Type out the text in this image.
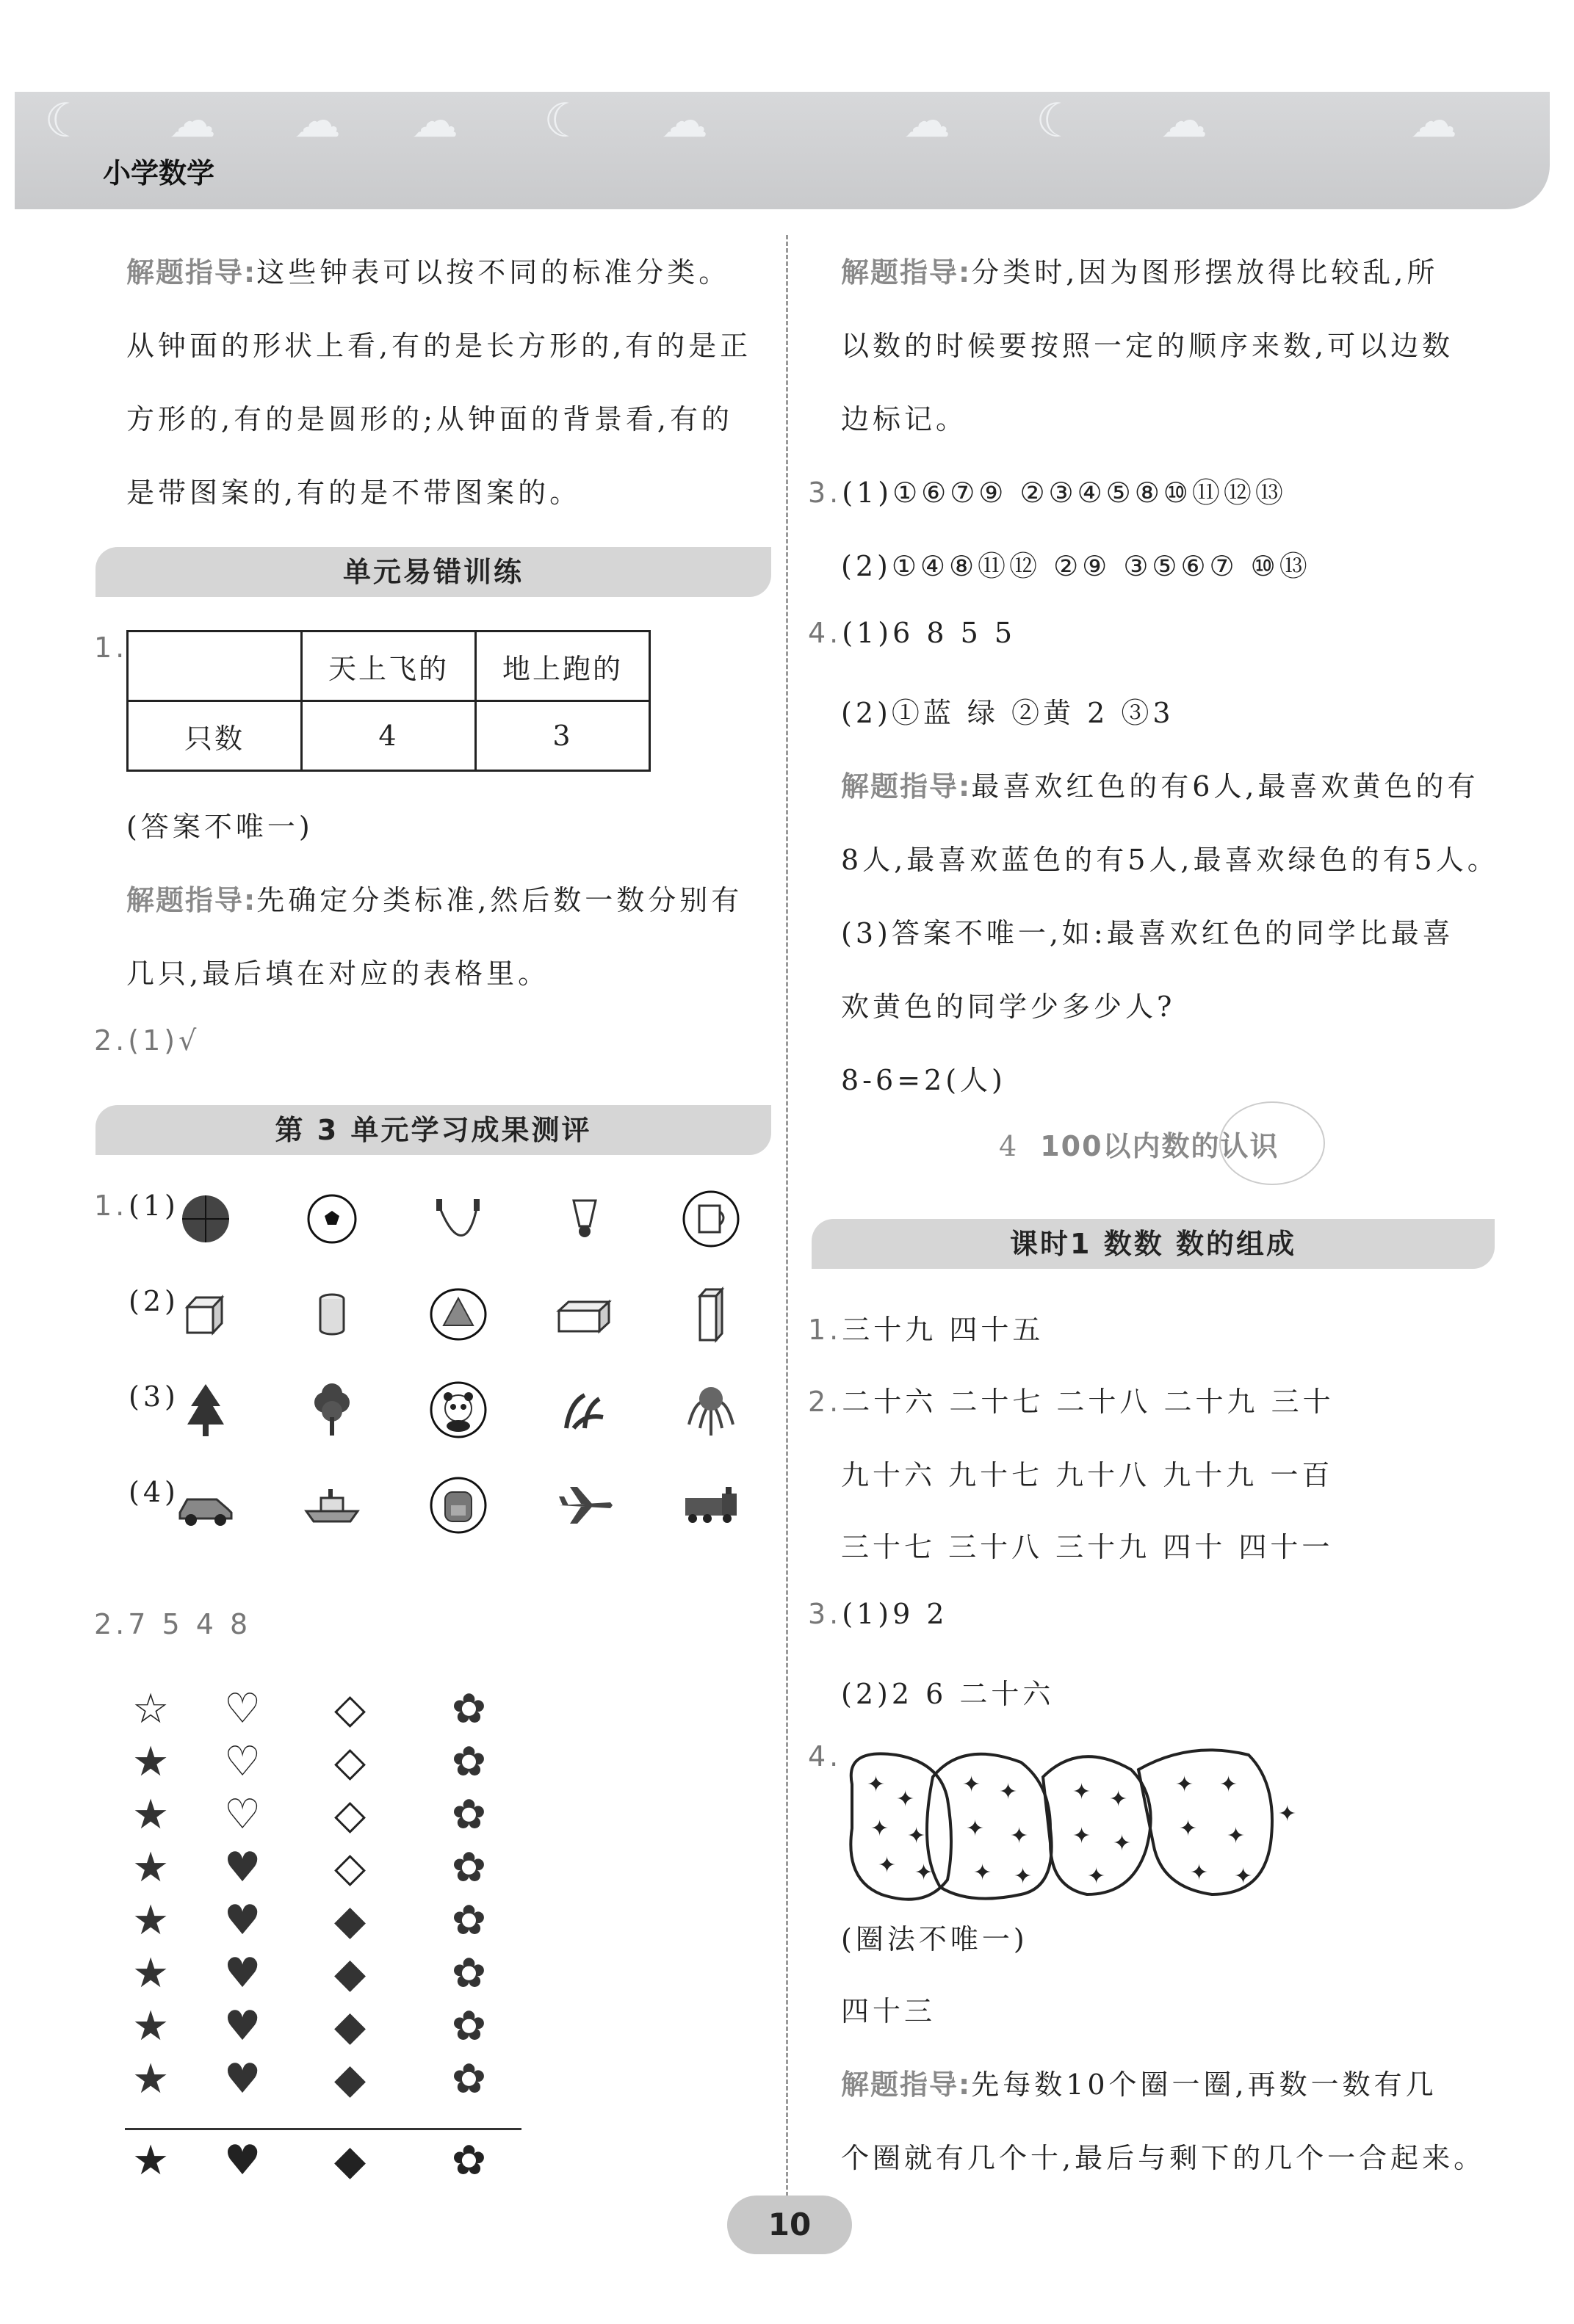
☾ ☁ ☁ ☁ ☾ ☁	☁ ☾ ☁	☁
小学数学
解题指导:这些钟表可以按不同的标准分类。
从钟面的形状上看,有的是长方形的,有的是正
方形的,有的是圆形的;从钟面的背景看,有的
是带图案的,有的是不带图案的。
单元易错训练
1.
	天上飞的	地上跑的
只数	4	3
(答案不唯一)
解题指导:先确定分类标准,然后数一数分别有
几只,最后填在对应的表格里。
2.(1)√
第 3 单元学习成果测评
1. (1)
(2)
(3)
(4)
2.7 5 4 8
解题指导:分类时,因为图形摆放得比较乱,所
以数的时候要按照一定的顺序来数,可以边数
边标记。
3.(1)①⑥⑦⑨ ②③④⑤⑧⑩⑪⑫⑬
(2)①④⑧⑪⑫ ②⑨ ③⑤⑥⑦ ⑩⑬
4.(1)6 8 5 5
(2)①蓝 绿 ②黄 2 ③3
解题指导:最喜欢红色的有6人,最喜欢黄色的有
8人,最喜欢蓝色的有5人,最喜欢绿色的有5人。
(3)答案不唯一,如:最喜欢红色的同学比最喜
欢黄色的同学少多少人?
8-6=2(人)
4 100以内数的认识
课时1 数数 数的组成
1.三十九 四十五
2.二十六 二十七 二十八 二十九 三十
九十六 九十七 九十八 九十九 一百
三十七 三十八 三十九 四十 四十一
3.(1)9 2
(2)2 6 二十六
4.
✦
✦
✦ ✦
✦ ✦
✦ ✦
✦ ✦
✦ ✦
✦ ✦
✦ ✦
✦
✦ ✦
✦ ✦
✦ ✦
✦
(圈法不唯一)
四十三
解题指导:先每数10个圈一圈,再数一数有几
个圈就有几个十,最后与剩下的几个一合起来。
10
☆
★
★
★
★
★
★
★
★
♡
♡
♡
♥
♥
♥
♥
♥
♥
◇
◇
◇
◇
◆
◆
◆
◆
◆
✿
✿
✿
✿
✿
✿
✿
✿
✿
